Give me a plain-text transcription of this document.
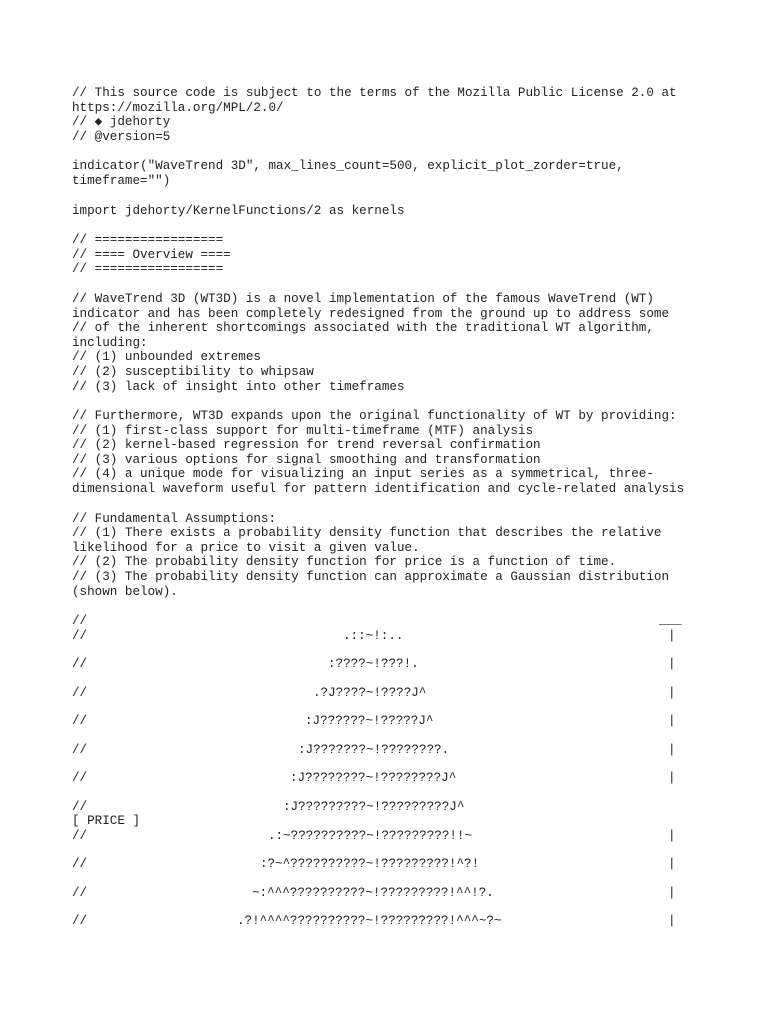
// This source code is subject to the terms of the Mozilla Public License 2.0 at
https://mozilla.org/MPL/2.0/
// ◆ jdehorty
// @version=5
indicator("WaveTrend 3D", max_lines_count=500, explicit_plot_zorder=true,
timeframe="")
import jdehorty/KernelFunctions/2 as kernels
// =================
// ==== Overview ====
// =================
// WaveTrend 3D (WT3D) is a novel implementation of the famous WaveTrend (WT)
indicator and has been completely redesigned from the ground up to address some
// of the inherent shortcomings associated with the traditional WT algorithm,
including:
// (1) unbounded extremes
// (2) susceptibility to whipsaw
// (3) lack of insight into other timeframes
// Furthermore, WT3D expands upon the original functionality of WT by providing:
// (1) first-class support for multi-timeframe (MTF) analysis
// (2) kernel-based regression for trend reversal confirmation
// (3) various options for signal smoothing and transformation
// (4) a unique mode for visualizing an input series as a symmetrical, three-
dimensional waveform useful for pattern identification and cycle-related analysis
// Fundamental Assumptions:
// (1) There exists a probability density function that describes the relative
likelihood for a price to visit a given value.
// (2) The probability density function for price is a function of time.
// (3) The probability density function can approximate a Gaussian distribution
(shown below).

//

	___

//

	.::~!:..

	|

//

	:????~!???!.

	|

//

	.?J????~!????J^

	|

//

	:J??????~!?????J^

	|

//

	:J???????~!????????.

	|

//

	:J????????~!????????J^

	|

//

	:J?????????~!?????????J^

[ PRICE ]

//

	.:~??????????~!?????????!!~

	|

//

	:?~^??????????~!?????????!^?!

	|

//

	~:^^^??????????~!?????????!^^!?.

	|

//

	.?!^^^^??????????~!?????????!^^^~?~

	|
